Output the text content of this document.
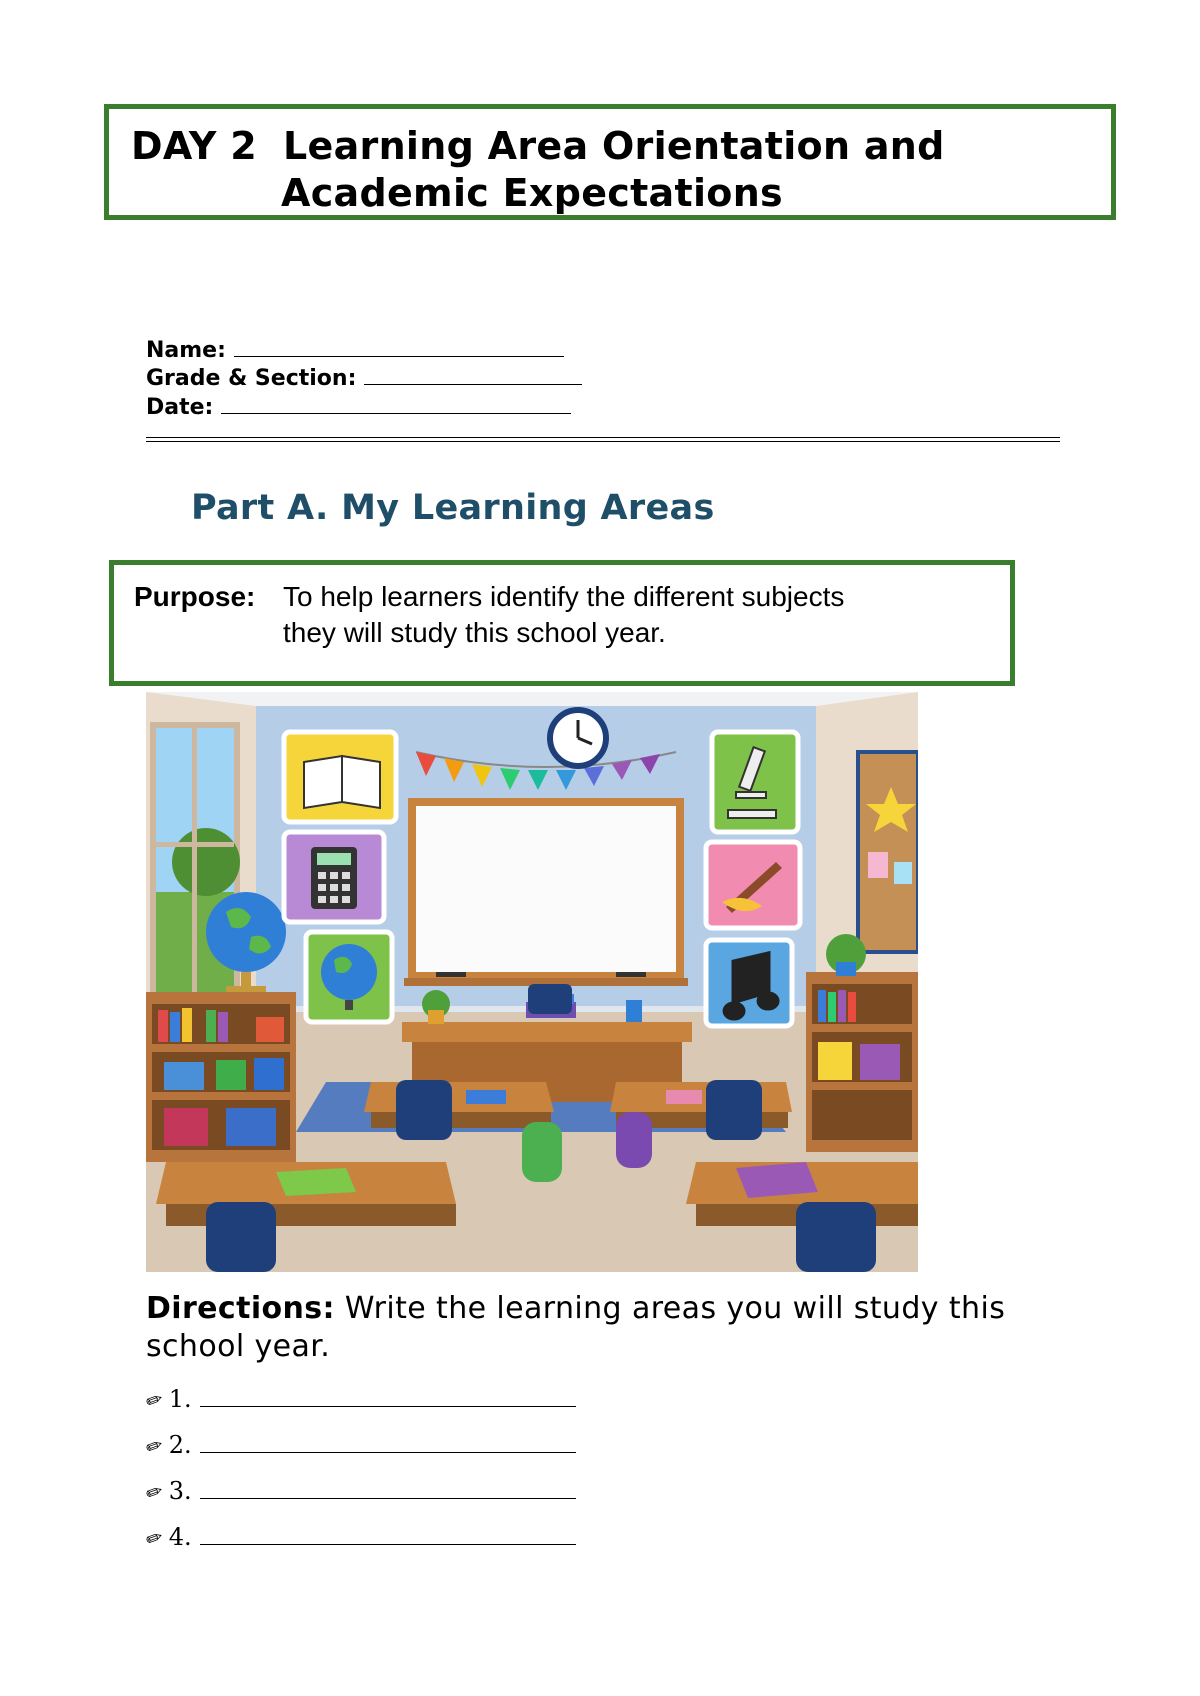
DAY 2 Learning Area Orientation and
Academic Expectations
Name:
Grade & Section:
Date:
Part A. My Learning Areas
Purpose: To help learners identify the different subjects
they will study this school year.
Directions: Write the learning areas you will study this school year.
✏ 1.
✏ 2.
✏ 3.
✏ 4.
